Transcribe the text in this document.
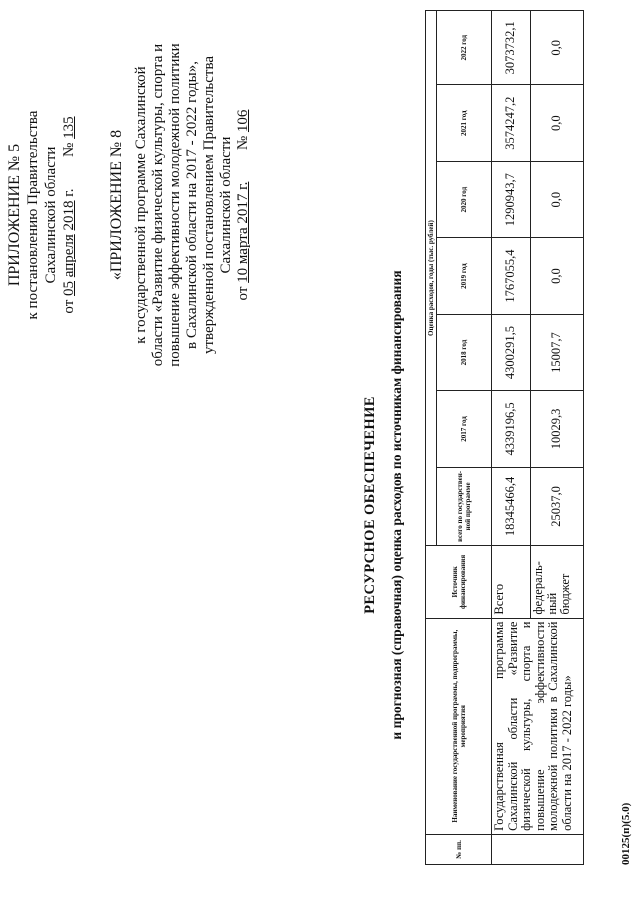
ПРИЛОЖЕНИЕ № 5 к постановлению Правительства Сахалинской области
от 05 апреля 2018 г.  № 135
«ПРИЛОЖЕНИЕ № 8 к государственной программе Сахалинской области «Развитие физической культуры, спорта и повышение эффективности молодежной политики в Сахалинской области на 2017 - 2022 годы», утвержденной постановлением Правительства Сахалинской области
от 10 марта 2017 г.  № 106
РЕСУРСНОЕ ОБЕСПЕЧЕНИЕ и прогнозная (справочная) оценка расходов по источникам финансирования
№ пп.	Наименование государственной программы, подпрограммы, мероприятия	Источник финансирования	Оценка расходов, годы (тыс. рублей)						
			всего по государствен-ной программе	2017 год	2018 год	2019 год	2020 год	2021 год	2022 год
	Государственная программа Сахалинской области «Развитие физической культуры, спорта и повышение эффективности молодежной политики в Сахалинской области на 2017 - 2022 годы»	Всего	18345466,4	4339196,5	4300291,5	1767055,4	1290943,7	3574247,2	3073732,1
		федераль-ный бюджет	25037,0	10029,3	15007,7	0,0	0,0	0,0	0,0
00125(п)(5.0)
